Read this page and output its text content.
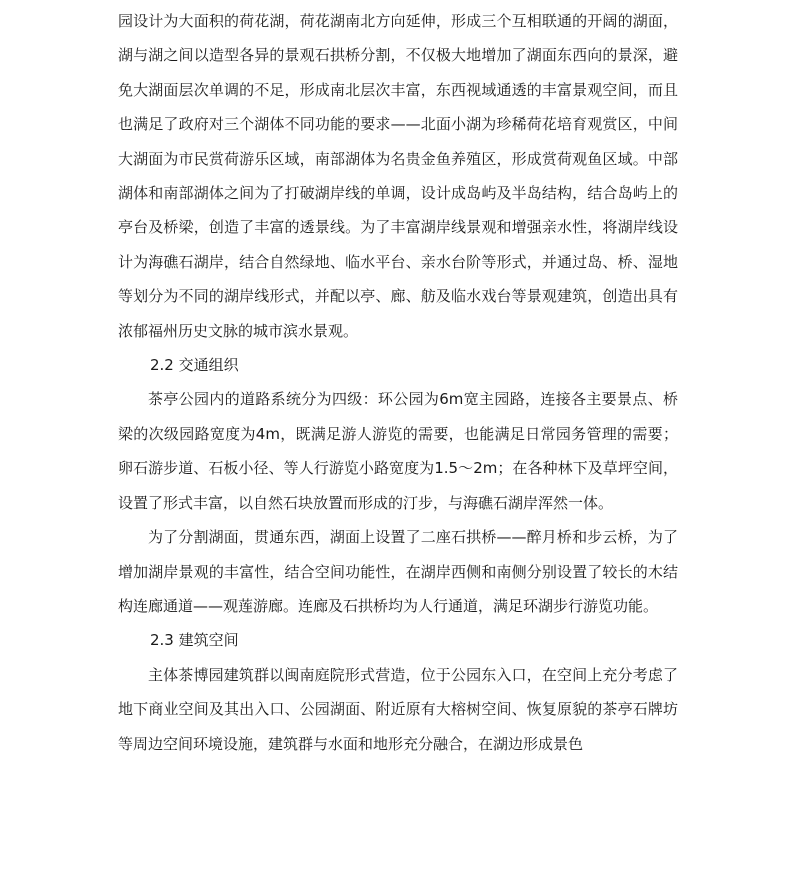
园设计为大面积的荷花湖，荷花湖南北方向延伸，形成三个互相联通的开阔的湖面，湖与湖之间以造型各异的景观石拱桥分割，不仅极大地增加了湖面东西向的景深，避免大湖面层次单调的不足，形成南北层次丰富，东西视域通透的丰富景观空间，而且也满足了政府对三个湖体不同功能的要求——北面小湖为珍稀荷花培育观赏区，中间大湖面为市民赏荷游乐区域，南部湖体为名贵金鱼养殖区，形成赏荷观鱼区域。中部湖体和南部湖体之间为了打破湖岸线的单调，设计成岛屿及半岛结构，结合岛屿上的亭台及桥梁，创造了丰富的透景线。为了丰富湖岸线景观和增强亲水性，将湖岸线设计为海礁石湖岸，结合自然绿地、临水平台、亲水台阶等形式，并通过岛、桥、湿地等划分为不同的湖岸线形式，并配以亭、廊、舫及临水戏台等景观建筑，创造出具有浓郁福州历史文脉的城市滨水景观。

2.2 交通组织

茶亭公园内的道路系统分为四级：环公园为6m宽主园路，连接各主要景点、桥梁的次级园路宽度为4m，既满足游人游览的需要，也能满足日常园务管理的需要；卵石游步道、石板小径、等人行游览小路宽度为1.5～2m；在各种林下及草坪空间，设置了形式丰富，以自然石块放置而形成的汀步，与海礁石湖岸浑然一体。

为了分割湖面，贯通东西，湖面上设置了二座石拱桥——醉月桥和步云桥，为了增加湖岸景观的丰富性，结合空间功能性，在湖岸西侧和南侧分别设置了较长的木结构连廊通道——观莲游廊。连廊及石拱桥均为人行通道，满足环湖步行游览功能。

2.3 建筑空间

主体茶博园建筑群以闽南庭院形式营造，位于公园东入口，在空间上充分考虑了地下商业空间及其出入口、公园湖面、附近原有大榕树空间、恢复原貌的茶亭石牌坊等周边空间环境设施，建筑群与水面和地形充分融合，在湖边形成景色
